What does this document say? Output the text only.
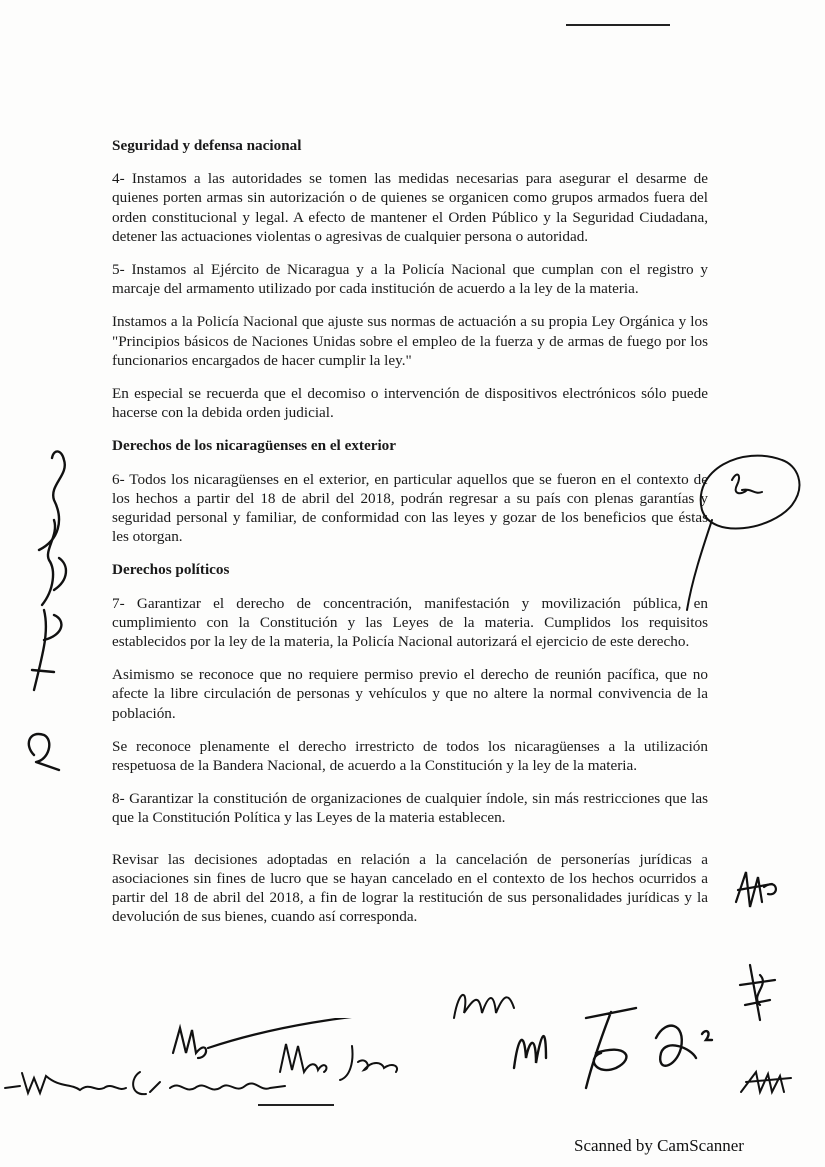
Seguridad y defensa nacional

4- Instamos a las autoridades se tomen las medidas necesarias para asegurar el desarme de quienes porten armas sin autorización o de quienes se organicen como grupos armados fuera del orden constitucional y legal. A efecto de mantener el Orden Público y la Seguridad Ciudadana, detener las actuaciones violentas o agresivas de cualquier persona o autoridad.

5- Instamos al Ejército de Nicaragua y a la Policía Nacional que cumplan con el registro y marcaje del armamento utilizado por cada institución de acuerdo a la ley de la materia.

Instamos a la Policía Nacional que ajuste sus normas de actuación a su propia Ley Orgánica y los "Principios básicos de Naciones Unidas sobre el empleo de la fuerza y de armas de fuego por los funcionarios encargados de hacer cumplir la ley."

En especial se recuerda que el decomiso o intervención de dispositivos electrónicos sólo puede hacerse con la debida orden judicial.

Derechos de los nicaragüenses en el exterior

6- Todos los nicaragüenses en el exterior, en particular aquellos que se fueron en el contexto de los hechos a partir del 18 de abril del 2018, podrán regresar a su país con plenas garantías y seguridad personal y familiar, de conformidad con las leyes y gozar de los beneficios que éstas les otorgan.

Derechos políticos

7- Garantizar el derecho de concentración, manifestación y movilización pública, en cumplimiento con la Constitución y las Leyes de la materia. Cumplidos los requisitos establecidos por la ley de la materia, la Policía Nacional autorizará el ejercicio de este derecho.

Asimismo se reconoce que no requiere permiso previo el derecho de reunión pacífica, que no afecte la libre circulación de personas y vehículos y que no altere la normal convivencia de la población.

Se reconoce plenamente el derecho irrestricto de todos los nicaragüenses a la utilización respetuosa de la Bandera Nacional, de acuerdo a la Constitución y la ley de la materia.

8- Garantizar la constitución de organizaciones de cualquier índole, sin más restricciones que las que la Constitución Política y las Leyes de la materia establecen.

Revisar las decisiones adoptadas en relación a la cancelación de personerías jurídicas a asociaciones sin fines de lucro que se hayan cancelado en el contexto de los hechos ocurridos a partir del 18 de abril del 2018, a fin de lograr la restitución de sus personalidades jurídicas y la devolución de sus bienes, cuando así corresponda.

Scanned by CamScanner
